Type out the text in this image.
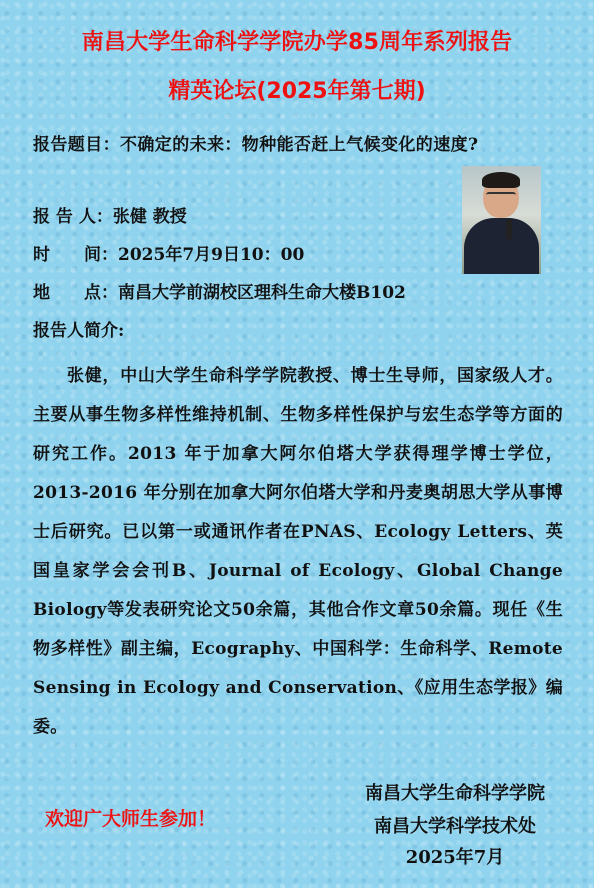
南昌大学生命科学学院办学85周年系列报告
精英论坛(2025年第七期)
报告题目：不确定的未来：物种能否赶上气候变化的速度?
报 告 人：张健 教授
时　　间：2025年7月9日10：00
地　　点：南昌大学前湖校区理科生命大楼B102
报告人简介:
张健，中山大学生命科学学院教授、博士生导师，国家级人才。主要从事生物多样性维持机制、生物多样性保护与宏生态学等方面的研究工作。2013 年于加拿大阿尔伯塔大学获得理学博士学位，2013-2016 年分别在加拿大阿尔伯塔大学和丹麦奥胡思大学从事博士后研究。已以第一或通讯作者在PNAS、Ecology Letters、英国皇家学会会刊B、Journal of Ecology、Global Change Biology等发表研究论文50余篇，其他合作文章50余篇。现任《生物多样性》副主编，Ecography、中国科学：生命科学、Remote Sensing in Ecology and Conservation、《应用生态学报》编委。
欢迎广大师生参加！
南昌大学生命科学学院
南昌大学科学技术处
2025年7月
